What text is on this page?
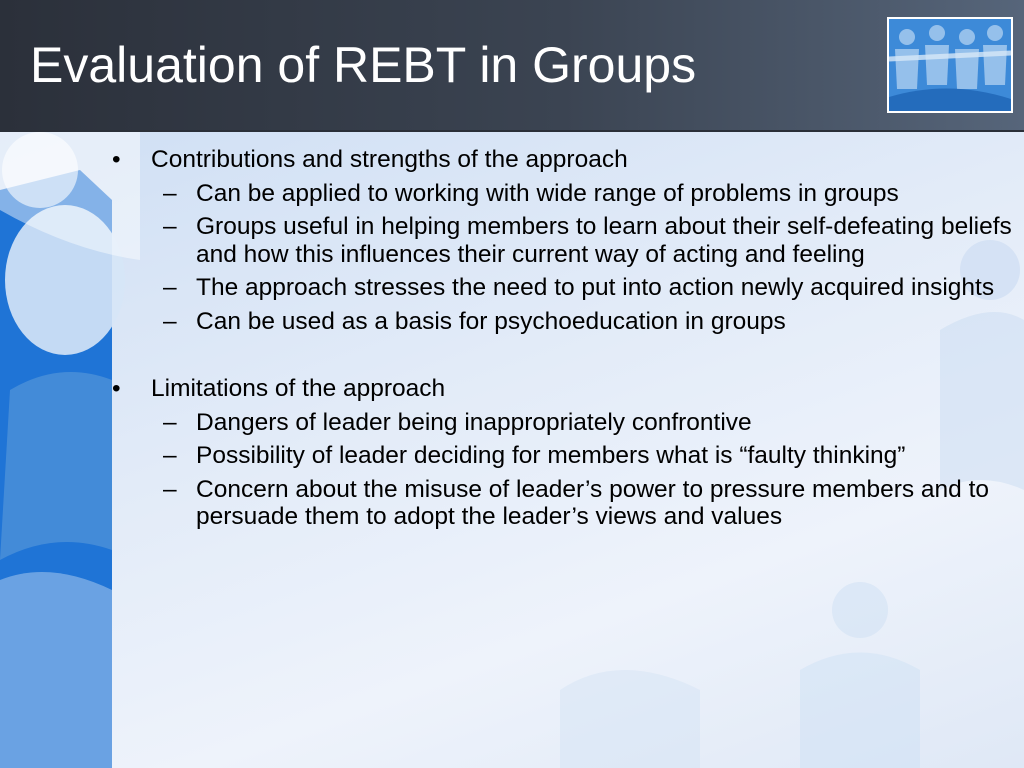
Evaluation of REBT in Groups

• Contributions and strengths of the approach

– Can be applied to working with wide range of problems in groups

– Groups useful in helping members to learn about their self-defeating beliefs and how this influences their current way of acting and feeling

– The approach stresses the need to put into action newly acquired insights

– Can be used as a basis for psychoeducation in groups

• Limitations of the approach

– Dangers of leader being inappropriately confrontive

– Possibility of leader deciding for members what is “faulty thinking”

– Concern about the misuse of leader’s power to pressure members and to persuade them to adopt the leader’s views and values
